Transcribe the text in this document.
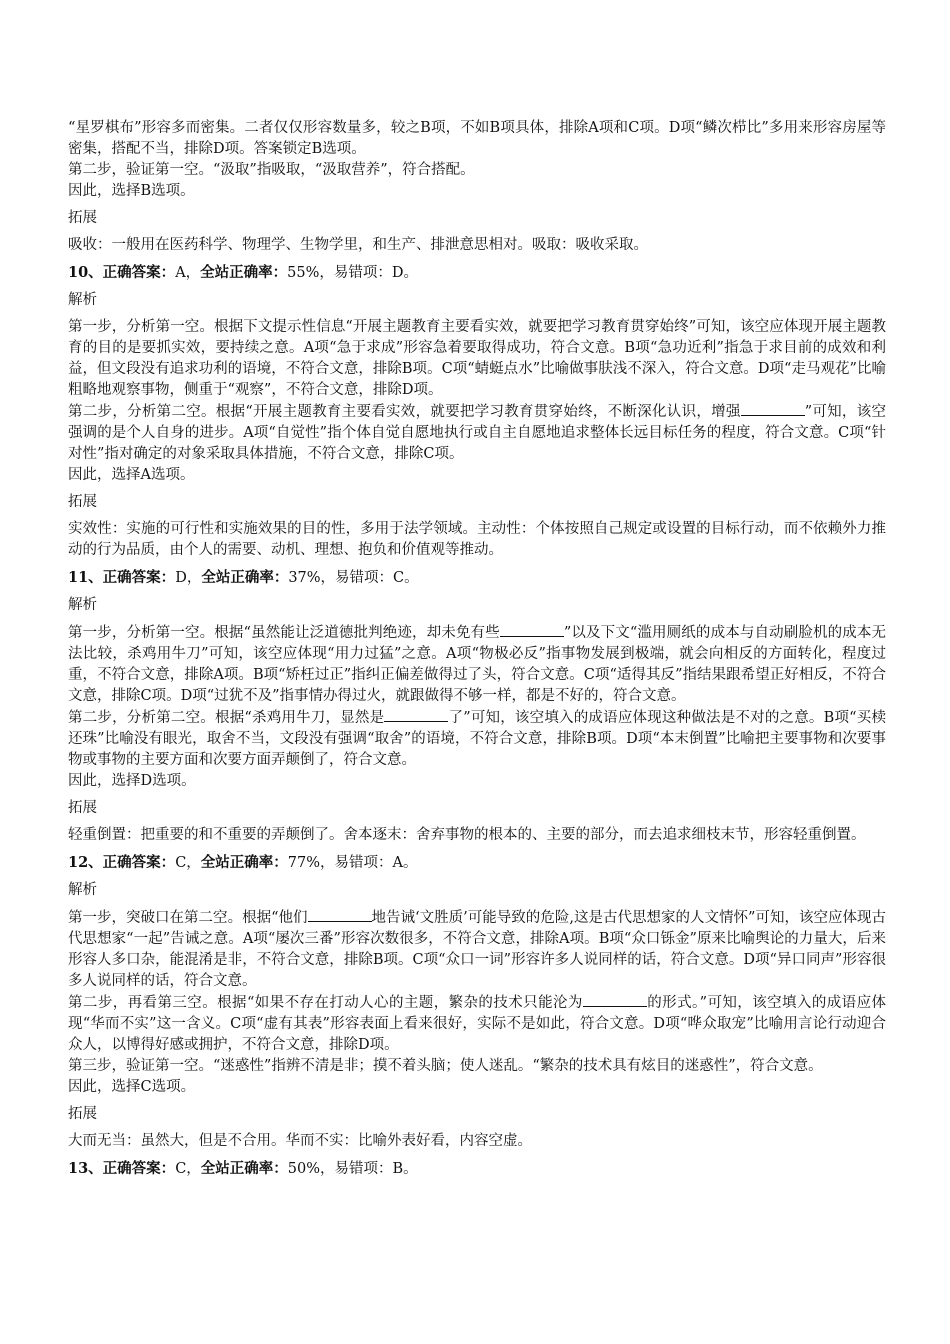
“星罗棋布”形容多而密集。二者仅仅形容数量多，较之B项，不如B项具体，排除A项和C项。D项“鳞次栉比”多用来形容房屋等密集，搭配不当，排除D项。答案锁定B选项。

第二步，验证第一空。“汲取”指吸取，“汲取营养”，符合搭配。

因此，选择B选项。

拓展

吸收：一般用在医药科学、物理学、生物学里，和生产、排泄意思相对。吸取：吸收采取。

10、正确答案：A，全站正确率：55%，易错项：D。

解析

第一步，分析第一空。根据下文提示性信息“开展主题教育主要看实效，就要把学习教育贯穿始终”可知，该空应体现开展主题教育的目的是要抓实效，要持续之意。A项“急于求成”形容急着要取得成功，符合文意。B项“急功近利”指急于求目前的成效和利益，但文段没有追求功利的语境，不符合文意，排除B项。C项“蜻蜓点水”比喻做事肤浅不深入，符合文意。D项“走马观花”比喻粗略地观察事物，侧重于“观察”，不符合文意，排除D项。

第二步，分析第二空。根据“开展主题教育主要看实效，就要把学习教育贯穿始终，不断深化认识，增强	”可知，该空强调的是个人自身的进步。A项“自觉性”指个体自觉自愿地执行或自主自愿地追求整体长远目标任务的程度，符合文意。C项“针对性”指对确定的对象采取具体措施，不符合文意，排除C项。

因此，选择A选项。

拓展

实效性：实施的可行性和实施效果的目的性，多用于法学领域。主动性：个体按照自己规定或设置的目标行动，而不依赖外力推动的行为品质，由个人的需要、动机、理想、抱负和价值观等推动。

11、正确答案：D，全站正确率：37%，易错项：C。

解析

第一步，分析第一空。根据“虽然能让泛道德批判绝迹，却未免有些	”以及下文“滥用厕纸的成本与自动刷脸机的成本无法比较，杀鸡用牛刀”可知，该空应体现“用力过猛”之意。A项“物极必反”指事物发展到极端，就会向相反的方面转化，程度过重，不符合文意，排除A项。B项“矫枉过正”指纠正偏差做得过了头，符合文意。C项“适得其反”指结果跟希望正好相反，不符合文意，排除C项。D项“过犹不及”指事情办得过火，就跟做得不够一样，都是不好的，符合文意。

第二步，分析第二空。根据“杀鸡用牛刀，显然是	了”可知，该空填入的成语应体现这种做法是不对的之意。B项“买椟还珠”比喻没有眼光，取舍不当，文段没有强调“取舍”的语境，不符合文意，排除B项。D项“本末倒置”比喻把主要事物和次要事物或事物的主要方面和次要方面弄颠倒了，符合文意。

因此，选择D选项。

拓展

轻重倒置：把重要的和不重要的弄颠倒了。舍本逐末：舍弃事物的根本的、主要的部分，而去追求细枝末节，形容轻重倒置。

12、正确答案：C，全站正确率：77%，易错项：A。

解析

第一步，突破口在第二空。根据“他们	地告诫‘文胜质’可能导致的危险,这是古代思想家的人文情怀”可知，该空应体现古代思想家“一起”告诫之意。A项“屡次三番”形容次数很多，不符合文意，排除A项。B项“众口铄金”原来比喻舆论的力量大，后来形容人多口杂，能混淆是非，不符合文意，排除B项。C项“众口一词”形容许多人说同样的话，符合文意。D项“异口同声”形容很多人说同样的话，符合文意。

第二步，再看第三空。根据“如果不存在打动人心的主题，繁杂的技术只能沦为	的形式。”可知，该空填入的成语应体现“华而不实”这一含义。C项“虚有其表”形容表面上看来很好，实际不是如此，符合文意。D项“哗众取宠”比喻用言论行动迎合众人，以博得好感或拥护，不符合文意，排除D项。

第三步，验证第一空。“迷惑性”指辨不清是非；摸不着头脑；使人迷乱。“繁杂的技术具有炫目的迷惑性”，符合文意。

因此，选择C选项。

拓展

大而无当：虽然大，但是不合用。华而不实：比喻外表好看，内容空虚。

13、正确答案：C，全站正确率：50%，易错项：B。
